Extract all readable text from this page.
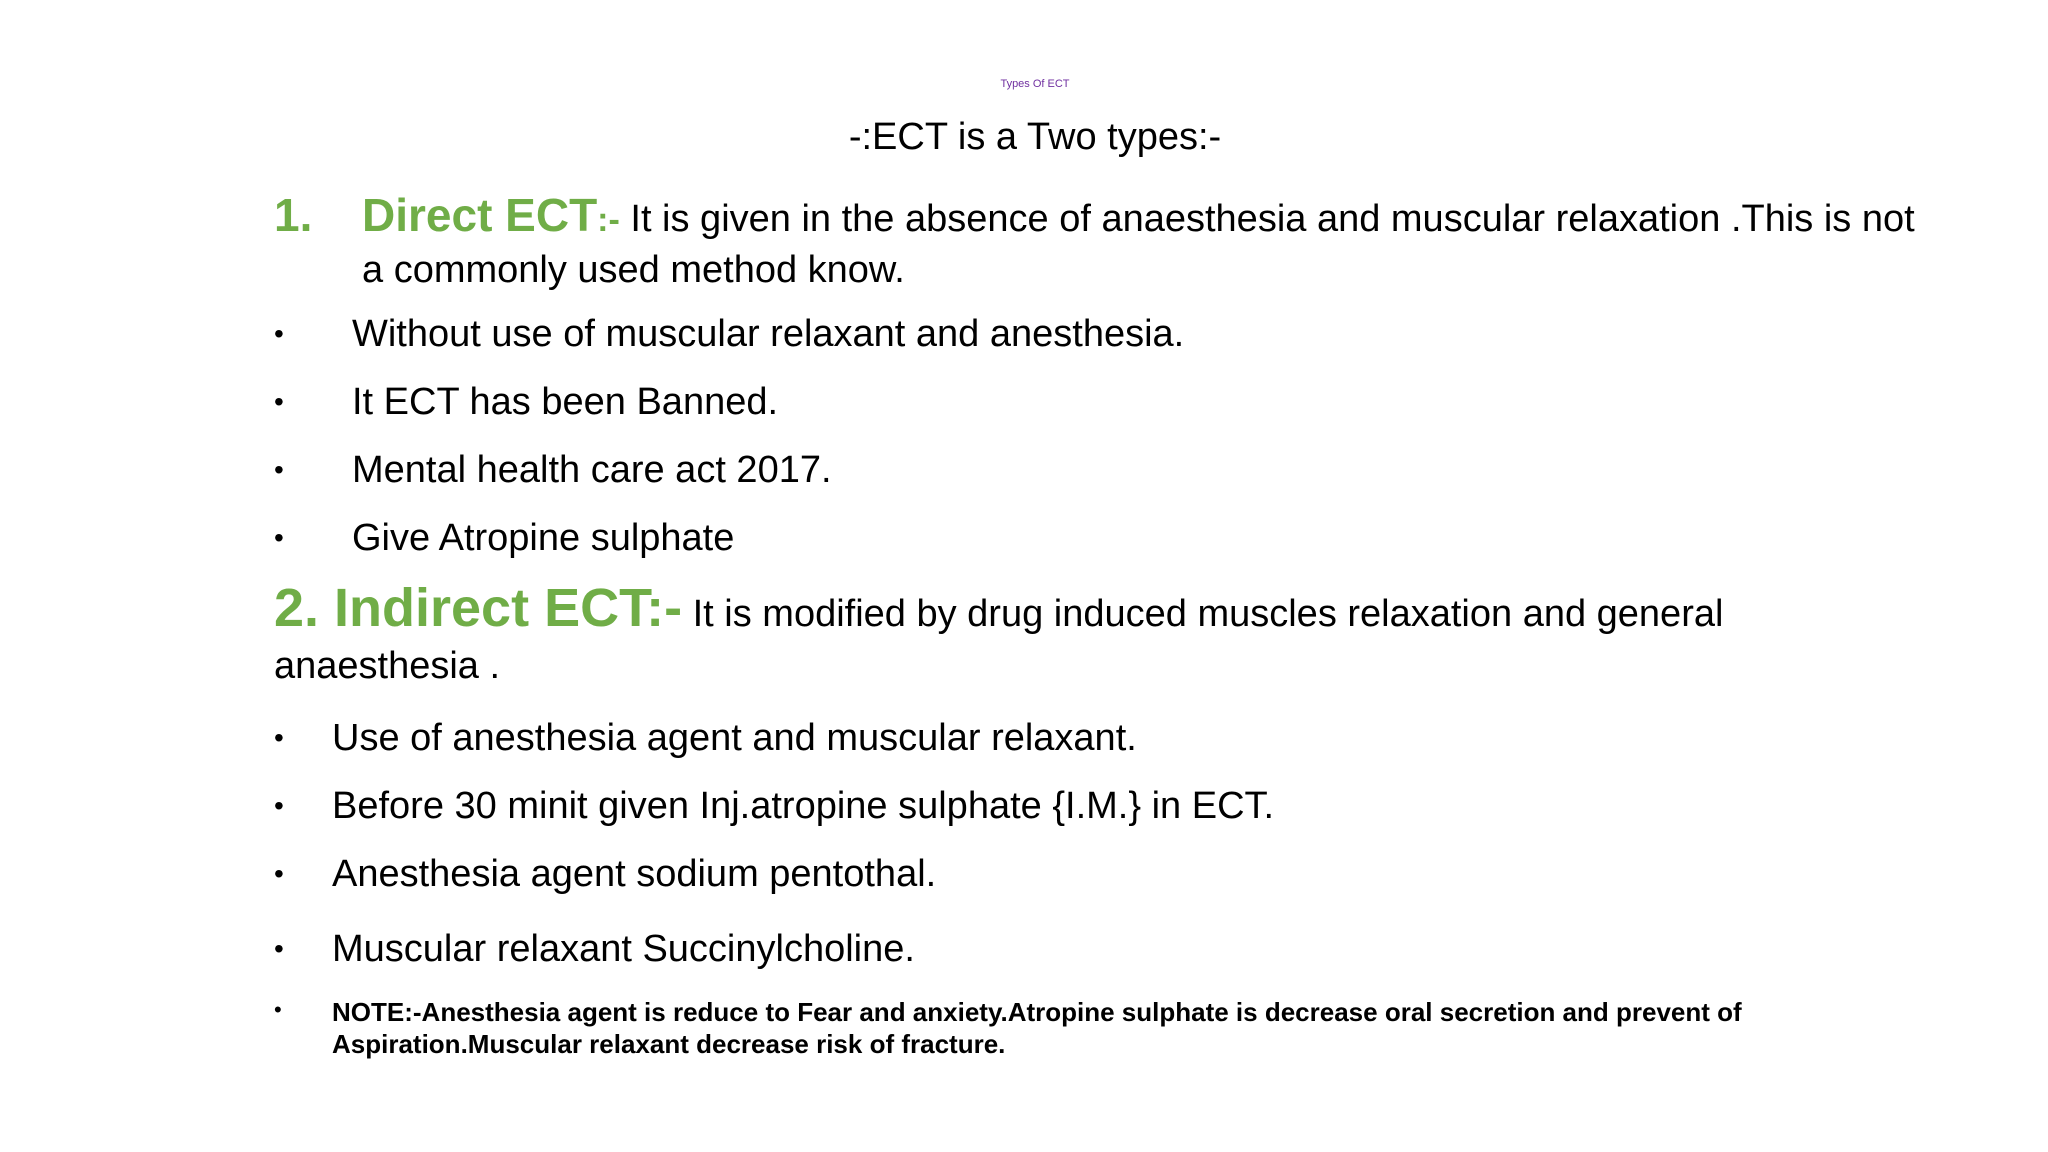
Types Of ECT
-:ECT is a Two types:-
1. Direct ECT:- It is given in the absence of anaesthesia and muscular relaxation .This is not a commonly used method know.
• Without use of muscular relaxant and anesthesia.
• It ECT has been Banned.
• Mental health care act 2017.
• Give Atropine sulphate
2. Indirect ECT:- It is modified by drug induced muscles relaxation and general anaesthesia .
• Use of anesthesia agent and muscular relaxant.
• Before 30 minit given Inj.atropine sulphate {I.M.} in ECT.
• Anesthesia agent sodium pentothal.
• Muscular relaxant Succinylcholine.
• NOTE:-Anesthesia agent is reduce to Fear and anxiety.Atropine sulphate is decrease oral secretion and prevent of Aspiration.Muscular relaxant decrease risk of fracture.
